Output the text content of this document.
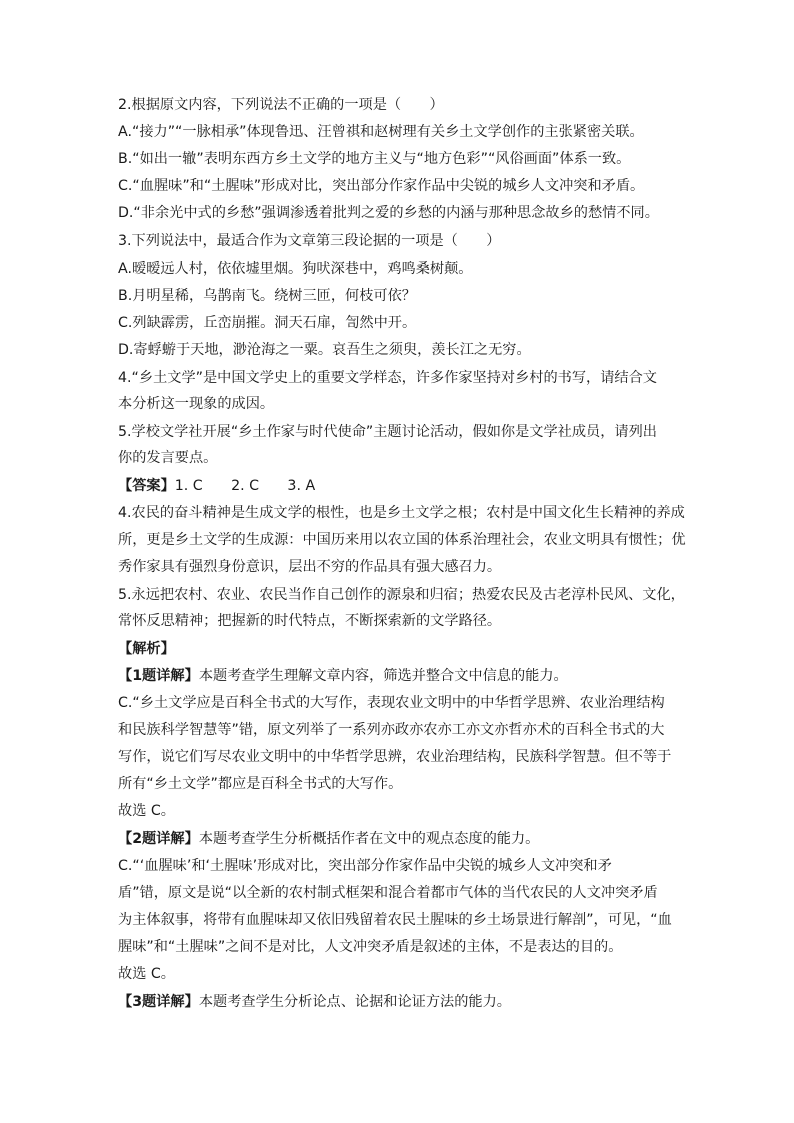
2.根据原文内容，下列说法不正确的一项是（　　）
A.“接力”“一脉相承”体现鲁迅、汪曾祺和赵树理有关乡土文学创作的主张紧密关联。
B.“如出一辙”表明东西方乡土文学的地方主义与“地方色彩”“风俗画面”体系一致。
C.“血腥味”和“土腥味”形成对比，突出部分作家作品中尖锐的城乡人文冲突和矛盾。
D.“非余光中式的乡愁”强调渗透着批判之爱的乡愁的内涵与那种思念故乡的愁情不同。
3.下列说法中，最适合作为文章第三段论据的一项是（　　）
A.暧暧远人村，依依墟里烟。狗吠深巷中，鸡鸣桑树颠。
B.月明星稀，乌鹊南飞。绕树三匝，何枝可依？
C.列缺霹雳，丘峦崩摧。洞天石扉，訇然中开。
D.寄蜉蝣于天地，渺沧海之一粟。哀吾生之须臾，羡长江之无穷。
4.“乡土文学”是中国文学史上的重要文学样态，许多作家坚持对乡村的书写，请结合文
本分析这一现象的成因。
5.学校文学社开展“乡土作家与时代使命”主题讨论活动，假如你是文学社成员，请列出
你的发言要点。
【答案】1. C　　2. C　　3. A
4.农民的奋斗精神是生成文学的根性，也是乡土文学之根；农村是中国文化生长精神的养成
所，更是乡土文学的生成源：中国历来用以农立国的体系治理社会，农业文明具有惯性；优
秀作家具有强烈身份意识，层出不穷的作品具有强大感召力。
5.永远把农村、农业、农民当作自己创作的源泉和归宿；热爱农民及古老淳朴民风、文化，
常怀反思精神；把握新的时代特点，不断探索新的文学路径。
【解析】
【1题详解】本题考查学生理解文章内容，筛选并整合文中信息的能力。
C.“乡土文学应是百科全书式的大写作，表现农业文明中的中华哲学思辨、农业治理结构
和民族科学智慧等”错，原文列举了一系列亦政亦农亦工亦文亦哲亦术的百科全书式的大
写作，说它们写尽农业文明中的中华哲学思辨，农业治理结构，民族科学智慧。但不等于
所有“乡土文学”都应是百科全书式的大写作。
故选 C。
【2题详解】本题考查学生分析概括作者在文中的观点态度的能力。
C.“‘血腥味’和‘土腥味’形成对比，突出部分作家作品中尖锐的城乡人文冲突和矛
盾”错，原文是说“以全新的农村制式框架和混合着都市气体的当代农民的人文冲突矛盾
为主体叙事，将带有血腥味却又依旧残留着农民土腥味的乡土场景进行解剖”，可见，“血
腥味”和“土腥味”之间不是对比，人文冲突矛盾是叙述的主体，不是表达的目的。
故选 C。
【3题详解】本题考查学生分析论点、论据和论证方法的能力。
